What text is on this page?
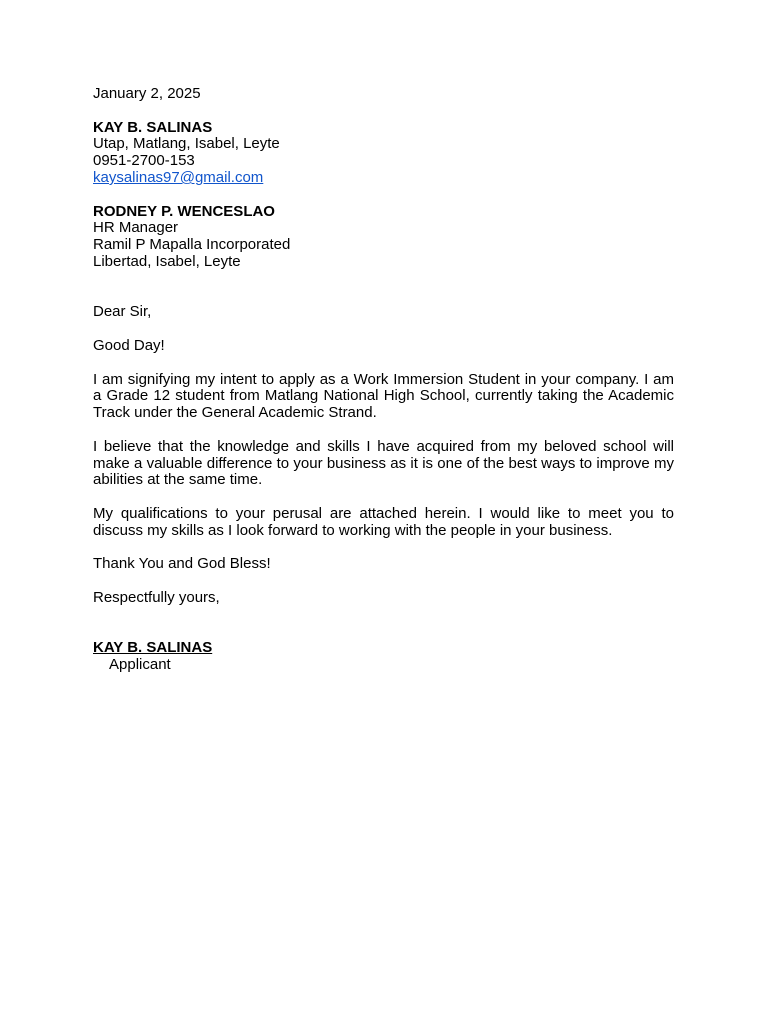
January 2, 2025
KAY B. SALINAS
Utap, Matlang, Isabel, Leyte
0951-2700-153
kaysalinas97@gmail.com
RODNEY P. WENCESLAO
HR Manager
Ramil P Mapalla Incorporated
Libertad, Isabel, Leyte
Dear Sir,
Good Day!
I am signifying my intent to apply as a Work Immersion Student in your company. I am a Grade 12 student from Matlang National High School, currently taking the Academic Track under the General Academic Strand.
I believe that the knowledge and skills I have acquired from my beloved school will make a valuable difference to your business as it is one of the best ways to improve my abilities at the same time.
My qualifications to your perusal are attached herein. I would like to meet you to discuss my skills as I look forward to working with the people in your business.
Thank You and God Bless!
Respectfully yours,
KAY B. SALINAS
Applicant
